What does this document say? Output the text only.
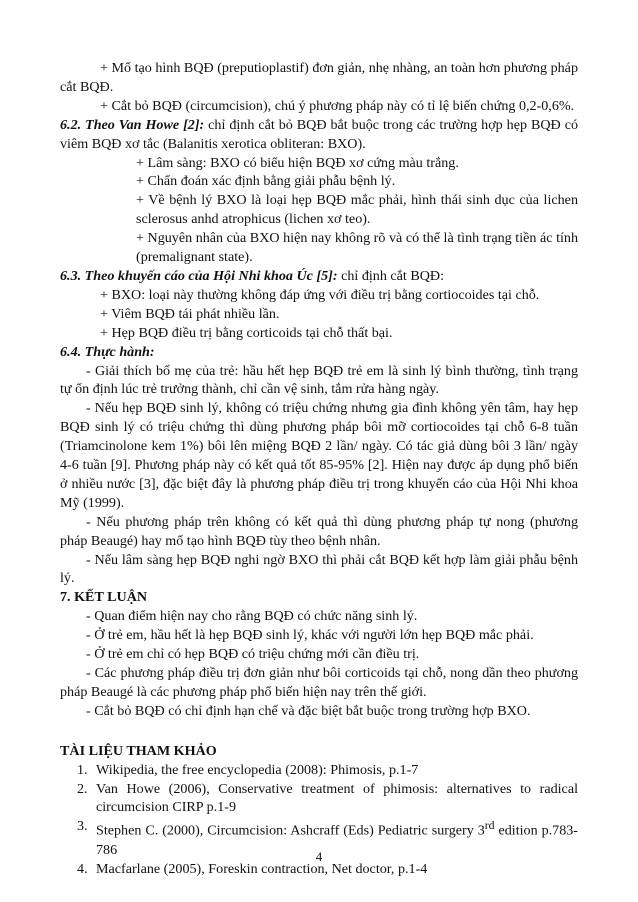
+ Mổ tạo hình BQĐ (preputioplastif) đơn giản, nhẹ nhàng, an toàn hơn phương pháp cắt BQĐ.

+ Cắt bỏ BQĐ (circumcision), chú ý phương pháp này có tỉ lệ biến chứng 0,2-0,6%.

6.2. Theo Van Howe [2]: chỉ định cắt bỏ BQĐ bắt buộc trong các trường hợp hẹp BQĐ có viêm BQĐ xơ tắc (Balanitis xerotica obliteran: BXO).

+ Lâm sàng: BXO có biểu hiện BQĐ xơ cứng màu trắng.

+ Chẩn đoán xác định bằng giải phẫu bệnh lý.

+ Về bệnh lý BXO là loại hẹp BQĐ mắc phải, hình thái sinh dục của lichen sclerosus anhd atrophicus (lichen xơ teo).

+ Nguyên nhân của BXO hiện nay không rõ và có thể là tình trạng tiền ác tính (premalignant state).

6.3. Theo khuyến cáo của Hội Nhi khoa Úc [5]: chỉ định cắt BQĐ:

+ BXO: loại này thường không đáp ứng với điều trị bằng cortiocoides tại chỗ.

+ Viêm BQĐ tái phát nhiều lần.

+ Hẹp BQĐ điều trị bằng corticoids tại chỗ thất bại.

6.4. Thực hành:

- Giải thích bố mẹ của trẻ: hầu hết hẹp BQĐ trẻ em là sinh lý bình thường, tình trạng tự ổn định lúc trẻ trưởng thành, chỉ cần vệ sinh, tắm rửa hàng ngày.

- Nếu hẹp BQĐ sinh lý, không có triệu chứng nhưng gia đình không yên tâm, hay hẹp BQĐ sinh lý có triệu chứng thì dùng phương pháp bôi mỡ cortiocoides tại chỗ 6-8 tuần (Triamcinolone kem 1%) bôi lên miệng BQĐ 2 lần/ ngày. Có tác giả dùng bôi 3 lần/ ngày 4-6 tuần [9]. Phương pháp này có kết quả tốt 85-95% [2]. Hiện nay được áp dụng phổ biến ở nhiều nước [3], đặc biệt đây là phương pháp điều trị trong khuyến cáo của Hội Nhi khoa Mỹ (1999).

- Nếu phương pháp trên không có kết quả thì dùng phương pháp tự nong (phương pháp Beaugé) hay mổ tạo hình BQĐ tùy theo bệnh nhân.

- Nếu lâm sàng hẹp BQĐ nghi ngờ BXO thì phải cắt BQĐ kết hợp làm giải phẫu bệnh lý.

7. KẾT LUẬN

- Quan điểm hiện nay cho rằng BQĐ có chức năng sinh lý.

- Ở trẻ em, hầu hết là hẹp BQĐ sinh lý, khác với người lớn hẹp BQĐ mắc phải.

- Ở trẻ em chỉ có hẹp BQĐ có triệu chứng mới cần điều trị.

- Các phương pháp điều trị đơn giản như bôi corticoids tại chỗ, nong dần theo phương pháp Beaugé là các phương pháp phổ biến hiện nay trên thế giới.

- Cắt bỏ BQĐ có chỉ định hạn chế và đặc biệt bắt buộc trong trường hợp BXO.

TÀI LIỆU THAM KHẢO

1. Wikipedia, the free encyclopedia (2008): Phimosis, p.1-7
2. Van Howe (2006), Conservative treatment of phimosis: alternatives to radical circumcision CIRP p.1-9
3. Stephen C. (2000), Circumcision: Ashcraff (Eds) Pediatric surgery 3rd edition p.783-786
4. Macfarlane (2005), Foreskin contraction, Net doctor, p.1-4
4
